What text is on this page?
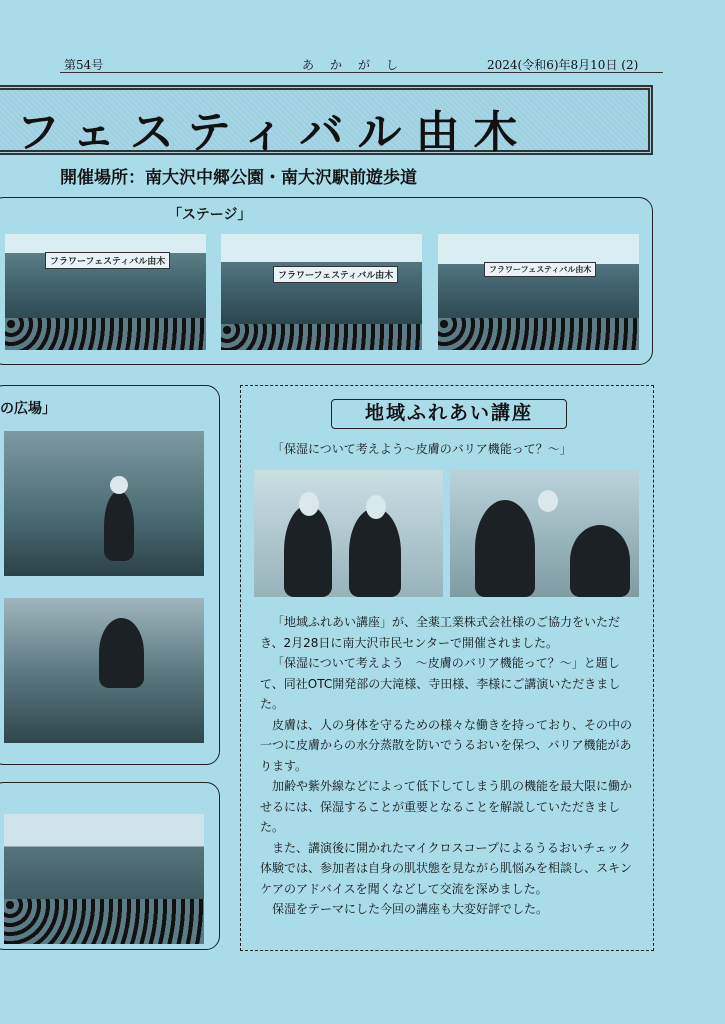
第54号	あかがし	2024(令和6)年8月10日 (2)
フェスティバル由木
開催場所：南大沢中郷公園・南大沢駅前遊歩道
「ステージ」
フラワーフェスティバル由木
フラワーフェスティバル由木
フラワーフェスティバル由木
の広場」	地域ふれあい講座
「保湿について考えよう〜皮膚のバリア機能って？〜」

「地域ふれあい講座」が、全薬工業株式会社様のご協力をいただき、2月28日に南大沢市民センターで開催されました。

「保湿について考えよう　〜皮膚のバリア機能って？〜」と題して、同社OTC開発部の大滝様、寺田様、李様にご講演いただきました。

皮膚は、人の身体を守るための様々な働きを持っており、その中の一つに皮膚からの水分蒸散を防いでうるおいを保つ、バリア機能があります。

加齢や紫外線などによって低下してしまう肌の機能を最大限に働かせるには、保湿することが重要となることを解説していただきました。

また、講演後に開かれたマイクロスコープによるうるおいチェック体験では、参加者は自身の肌状態を見ながら肌悩みを相談し、スキンケアのアドバイスを聞くなどして交流を深めました。

保湿をテーマにした今回の講座も大変好評でした。
